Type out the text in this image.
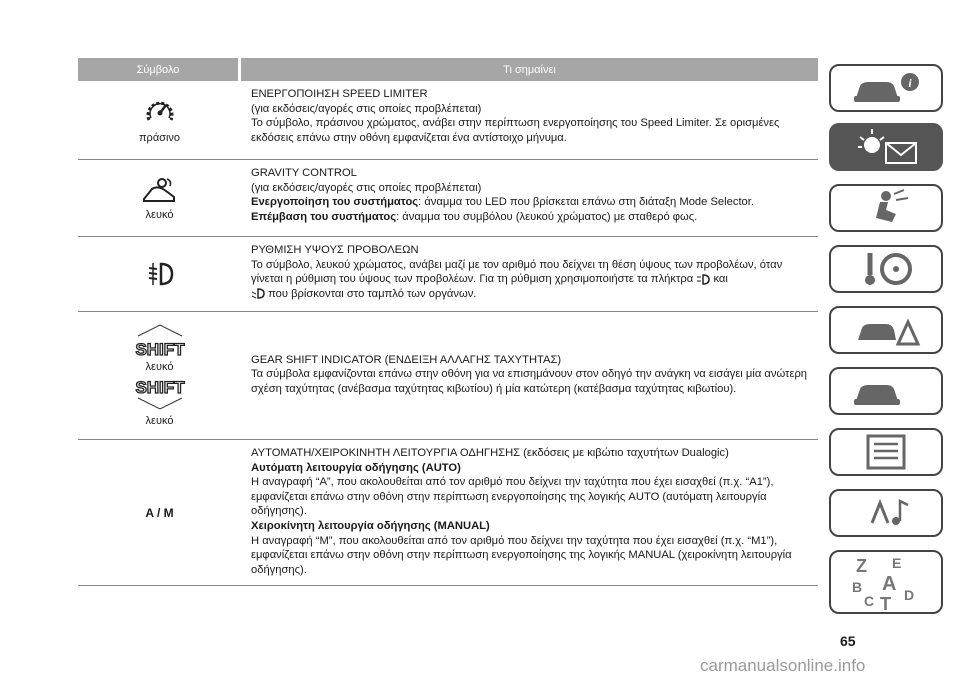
Σύμβολο	Τι σημαίνει
πράσινο

ΕΝΕΡΓΟΠΟΙΗΣΗ SPEED LIMITER

(για εκδόσεις/αγορές στις οποίες προβλέπεται)

Το σύμβολο, πράσινου χρώματος, ανάβει στην περίπτωση ενεργοποίησης του Speed Limiter. Σε ορισμένες εκδόσεις επάνω στην οθόνη εμφανίζεται ένα αντίστοιχο μήνυμα.

λευκό

GRAVITY CONTROL

(για εκδόσεις/αγορές στις οποίες προβλέπεται)

Ενεργοποίηση του συστήματος: άναμμα του LED που βρίσκεται επάνω στη διάταξη Mode Selector.

Επέμβαση του συστήματος: άναμμα του συμβόλου (λευκού χρώματος) με σταθερό φως.

ΡΥΘΜΙΣΗ ΥΨΟΥΣ ΠΡΟΒΟΛΕΩΝ

Το σύμβολο, λευκού χρώματος, ανάβει μαζί με τον αριθμό που δείχνει τη θέση ύψους των προβολέων, όταν γίνεται η ρύθμιση του ύψους των προβολέων. Για τη ρύθμιση χρησιμοποιήστε τα πλήκτρα και
που βρίσκονται στο ταμπλό των οργάνων.

SHIFT
λευκό
SHIFT
λευκό

GEAR SHIFT INDICATOR (ΕΝΔΕΙΞΗ ΑΛΛΑΓΗΣ ΤΑΧΥΤΗΤΑΣ)

Τα σύμβολα εμφανίζονται επάνω στην οθόνη για να επισημάνουν στον οδηγό την ανάγκη να εισάγει μία ανώτερη σχέση ταχύτητας (ανέβασμα ταχύτητας κιβωτίου) ή μία κατώτερη (κατέβασμα ταχύτητας κιβωτίου).

A / M

ΑΥΤΟΜΑΤΗ/ΧΕΙΡΟΚΙΝΗΤΗ ΛΕΙΤΟΥΡΓΙΑ ΟΔΗΓΗΣΗΣ (εκδόσεις με κιβώτιο ταχυτήτων Dualogic)

Αυτόματη λειτουργία οδήγησης (AUTO)

Η αναγραφή “A”, που ακολουθείται από τον αριθμό που δείχνει την ταχύτητα που έχει εισαχθεί (π.χ. “A1”), εμφανίζεται επάνω στην οθόνη στην περίπτωση ενεργοποίησης της λογικής AUTO (αυτόματη λειτουργία οδήγησης).

Χειροκίνητη λειτουργία οδήγησης (MANUAL)

Η αναγραφή “M”, που ακολουθείται από τον αριθμό που δείχνει την ταχύτητα που έχει εισαχθεί (π.χ. “M1”), εμφανίζεται επάνω στην οθόνη στην περίπτωση ενεργοποίησης της λογικής MANUAL (χειροκίνητη λειτουργία οδήγησης).

i
Z E
B A
C T D
65
carmanualsonline.info
